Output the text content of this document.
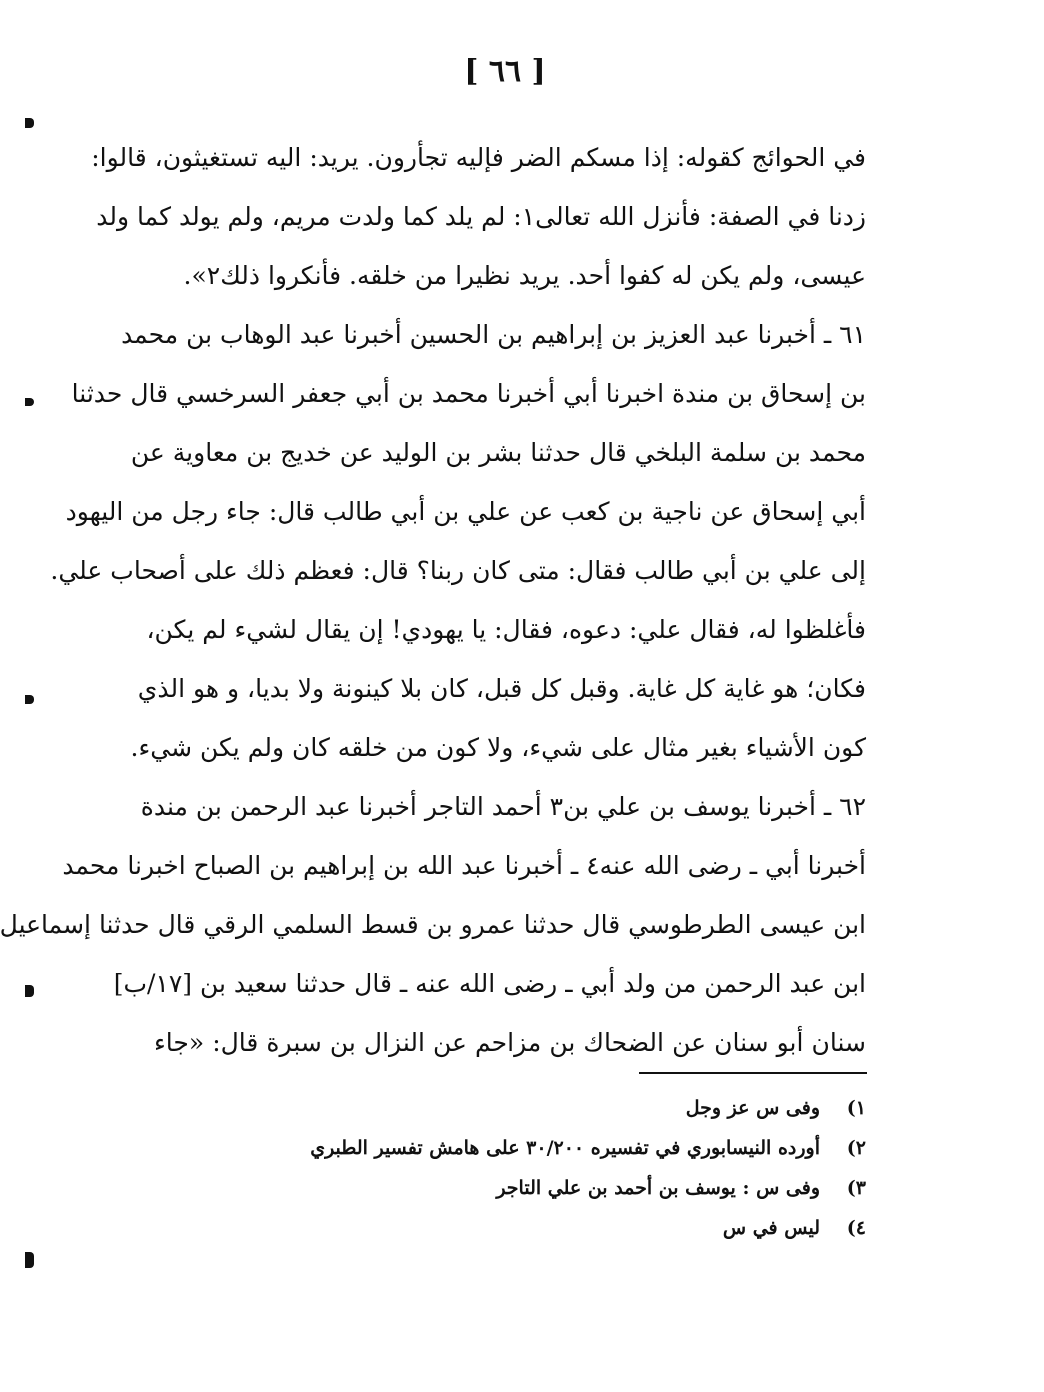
[ ٦٦ ]
في الحوائج كقوله: إذا مسكم الضر فإليه تجأرون. يريد: اليه تستغيثون، قالوا:
زدنا في الصفة: فأنزل الله تعالى١: لم يلد كما ولدت مريم، ولم يولد كما ولد
عيسى، ولم يكن له كفوا أحد. يريد نظيرا من خلقه. فأنكروا ذلك٢».
٦١ ـ أخبرنا عبد العزيز بن إبراهيم بن الحسين أخبرنا عبد الوهاب بن محمد
بن إسحاق بن مندة اخبرنا أبي أخبرنا محمد بن أبي جعفر السرخسي قال حدثنا
محمد بن سلمة البلخي قال حدثنا بشر بن الوليد عن خديج بن معاوية عن
أبي إسحاق عن ناجية بن كعب عن علي بن أبي طالب قال: جاء رجل من اليهود
إلى علي بن أبي طالب فقال: متى كان ربنا؟ قال: فعظم ذلك على أصحاب علي.
فأغلظوا له، فقال علي: دعوه، فقال: يا يهودي! إن يقال لشيء لم يكن،
فكان؛ هو غاية كل غاية. وقبل كل قبل، كان بلا كينونة ولا بديا، و هو الذي
كون الأشياء بغير مثال على شيء، ولا كون من خلقه كان ولم يكن شيء.
٦٢ ـ أخبرنا يوسف بن علي بن٣ أحمد التاجر أخبرنا عبد الرحمن بن مندة
أخبرنا أبي ـ رضى الله عنه٤ ـ أخبرنا عبد الله بن إبراهيم بن الصباح اخبرنا محمد
ابن عيسى الطرطوسي قال حدثنا عمرو بن قسط السلمي الرقي قال حدثنا إسماعيل
ابن عبد الرحمن من ولد أبي ـ رضى الله عنه ـ قال حدثنا سعيد بن [١٧/ب]
سنان أبو سنان عن الضحاك بن مزاحم عن النزال بن سبرة قال: «جاء
١)وفى س عز وجل
٢)أورده النيسابوري في تفسيره ٣٠/٢٠٠ على هامش تفسير الطبري
٣)وفى س : يوسف بن أحمد بن علي التاجر
٤)ليس في س
